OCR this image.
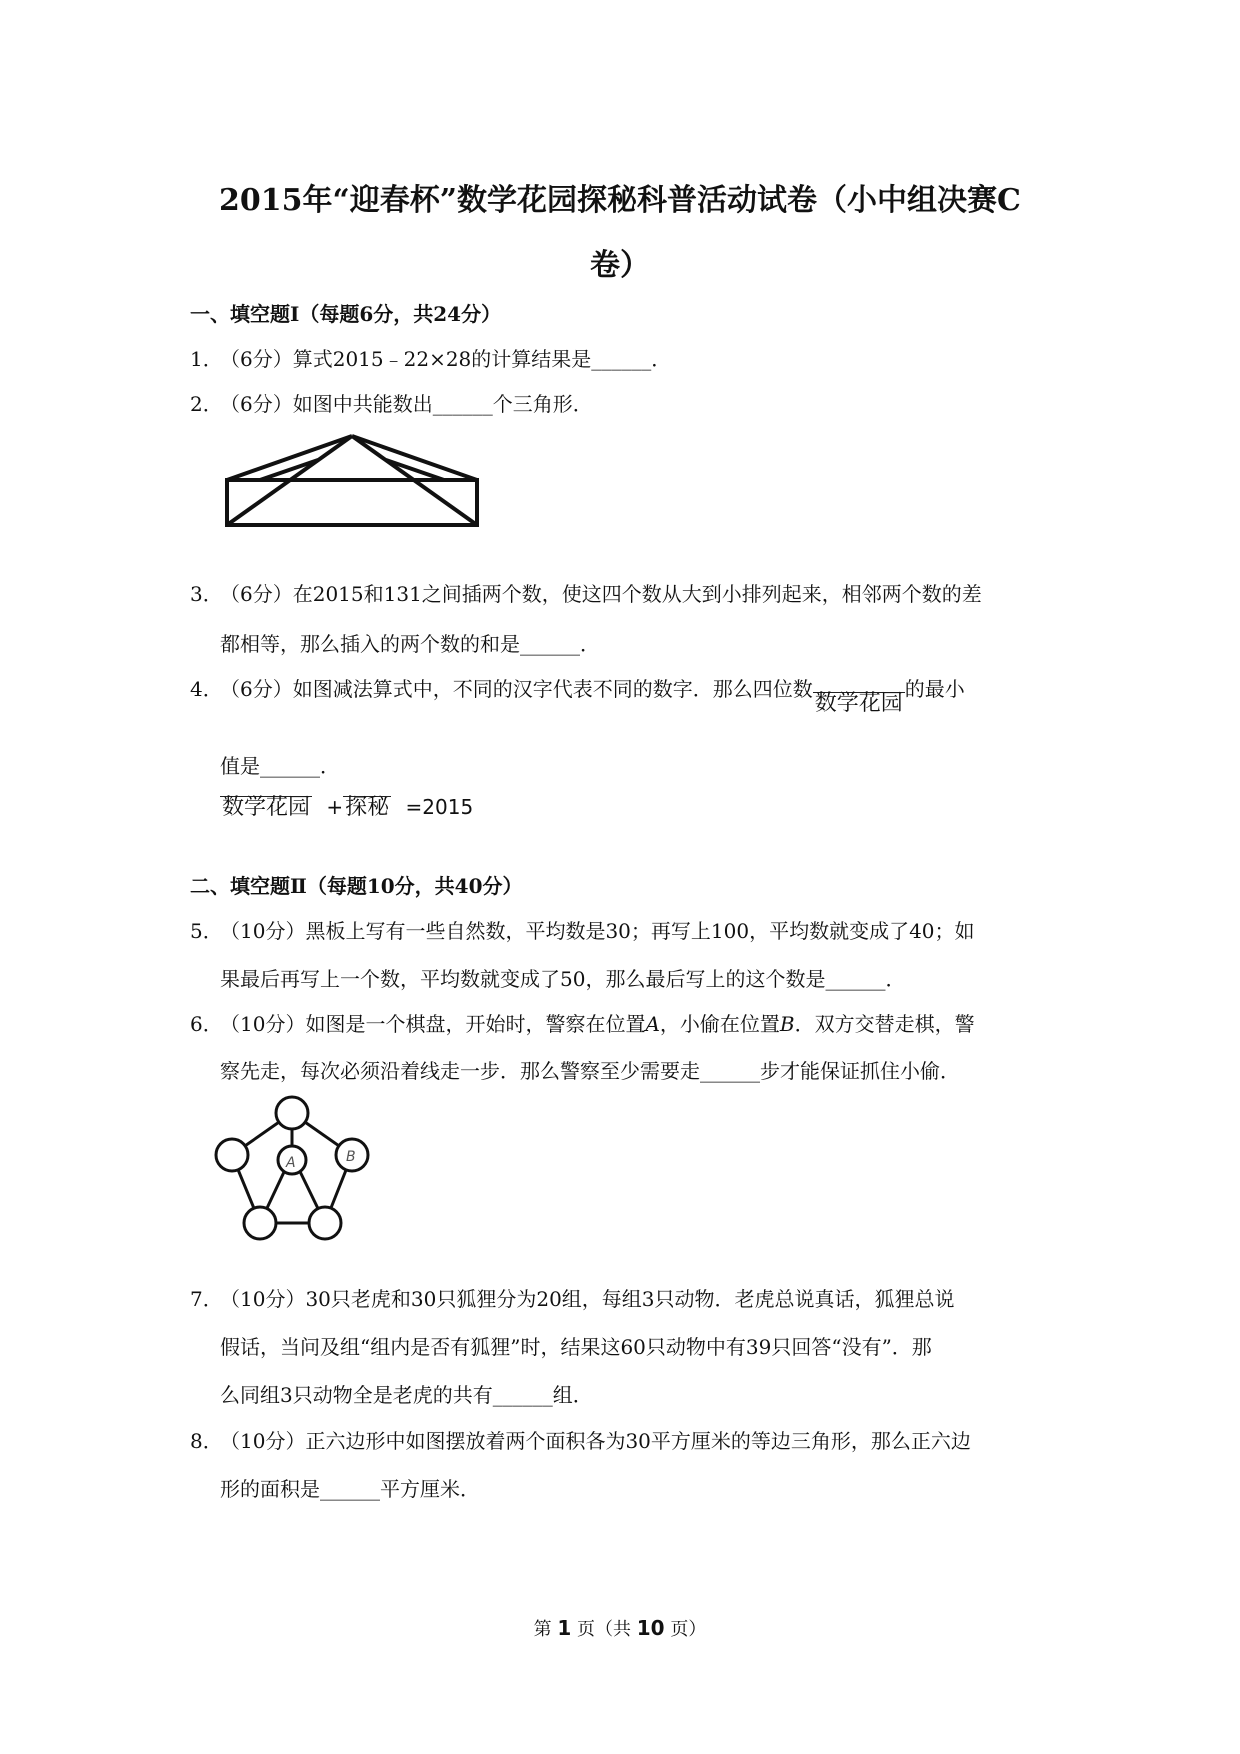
2015年“迎春杯”数学花园探秘科普活动试卷（小中组决赛C
卷）
一、填空题Ⅰ（每题6分，共24分）
1．
（6分）算式2015﹣22×28的计算结果是______．
2．
（6分）如图中共能数出______个三角形．
3．
（6分）在2015和131之间插两个数，使这四个数从大到小排列起来，相邻两个数的差
都相等，那么插入的两个数的和是______．
4．
（6分）如图减法算式中，不同的汉字代表不同的数字．那么四位数数学花园的最小
值是______．
数学花园 +探秘 =2015
二、填空题Ⅱ（每题10分，共40分）
5．
（10分）黑板上写有一些自然数，平均数是30；再写上100，平均数就变成了40；如
果最后再写上一个数，平均数就变成了50，那么最后写上的这个数是______．
6．
（10分）如图是一个棋盘，开始时，警察在位置A，小偷在位置B．双方交替走棋，警
察先走，每次必须沿着线走一步．那么警察至少需要走______步才能保证抓住小偷．
A	B
7．
（10分）30只老虎和30只狐狸分为20组，每组3只动物．老虎总说真话，狐狸总说
假话，当问及组“组内是否有狐狸”时，结果这60只动物中有39只回答“没有”．那
么同组3只动物全是老虎的共有______组．
8．
（10分）正六边形中如图摆放着两个面积各为30平方厘米的等边三角形，那么正六边
形的面积是______平方厘米．
第 1 页（共 10 页）
